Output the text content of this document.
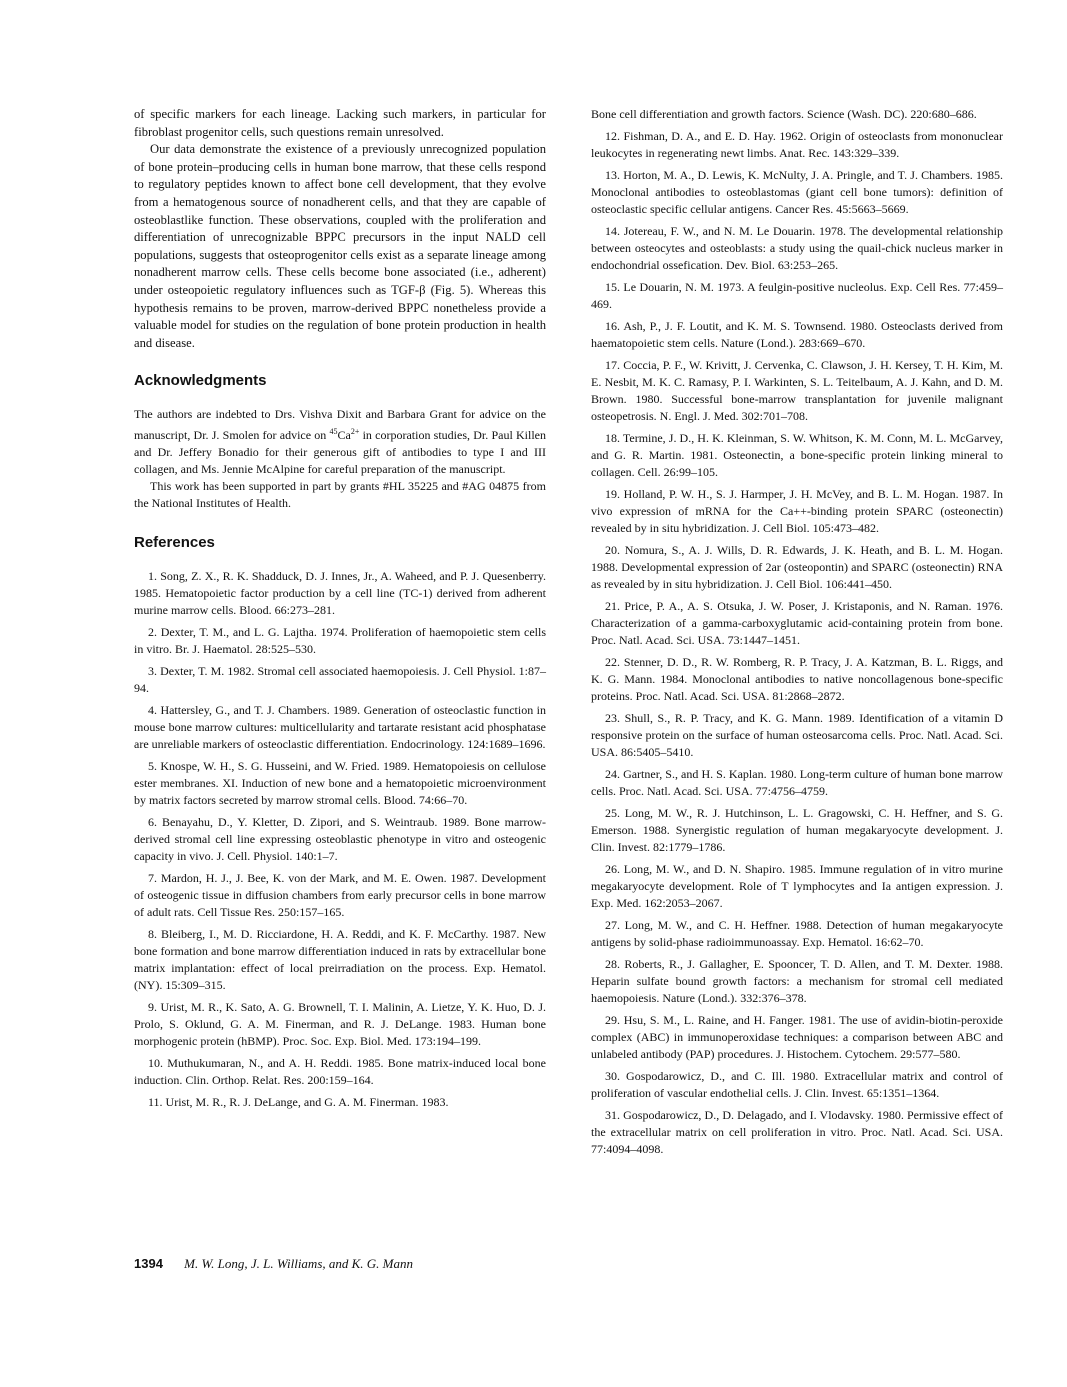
of specific markers for each lineage. Lacking such markers, in particular for fibroblast progenitor cells, such questions remain unresolved.

Our data demonstrate the existence of a previously unrecognized population of bone protein–producing cells in human bone marrow, that these cells respond to regulatory peptides known to affect bone cell development, that they evolve from a hematogenous source of nonadherent cells, and that they are capable of osteoblastlike function. These observations, coupled with the proliferation and differentiation of unrecognizable BPPC precursors in the input NALD cell populations, suggests that osteoprogenitor cells exist as a separate lineage among nonadherent marrow cells. These cells become bone associated (i.e., adherent) under osteopoietic regulatory influences such as TGF-β (Fig. 5). Whereas this hypothesis remains to be proven, marrow-derived BPPC nonetheless provide a valuable model for studies on the regulation of bone protein production in health and disease.

Acknowledgments

The authors are indebted to Drs. Vishva Dixit and Barbara Grant for advice on the manuscript, Dr. J. Smolen for advice on $^{45}Ca^{2+}$ in corporation studies, Dr. Paul Killen and Dr. Jeffery Bonadio for their generous gift of antibodies to type I and III collagen, and Ms. Jennie McAlpine for careful preparation of the manuscript.

This work has been supported in part by grants #HL 35225 and #AG 04875 from the National Institutes of Health.

References

1. Song, Z. X., R. K. Shadduck, D. J. Innes, Jr., A. Waheed, and P. J. Quesenberry. 1985. Hematopoietic factor production by a cell line (TC-1) derived from adherent murine marrow cells. Blood. 66:273–281.

2. Dexter, T. M., and L. G. Lajtha. 1974. Proliferation of haemopoietic stem cells in vitro. Br. J. Haematol. 28:525–530.

3. Dexter, T. M. 1982. Stromal cell associated haemopoiesis. J. Cell Physiol. 1:87–94.

4. Hattersley, G., and T. J. Chambers. 1989. Generation of osteoclastic function in mouse bone marrow cultures: multicellularity and tartarate resistant acid phosphatase are unreliable markers of osteoclastic differentiation. Endocrinology. 124:1689–1696.

5. Knospe, W. H., S. G. Husseini, and W. Fried. 1989. Hematopoiesis on cellulose ester membranes. XI. Induction of new bone and a hematopoietic microenvironment by matrix factors secreted by marrow stromal cells. Blood. 74:66–70.

6. Benayahu, D., Y. Kletter, D. Zipori, and S. Weintraub. 1989. Bone marrow-derived stromal cell line expressing osteoblastic phenotype in vitro and osteogenic capacity in vivo. J. Cell. Physiol. 140:1–7.

7. Mardon, H. J., J. Bee, K. von der Mark, and M. E. Owen. 1987. Development of osteogenic tissue in diffusion chambers from early precursor cells in bone marrow of adult rats. Cell Tissue Res. 250:157–165.

8. Bleiberg, I., M. D. Ricciardone, H. A. Reddi, and K. F. McCarthy. 1987. New bone formation and bone marrow differentiation induced in rats by extracellular bone matrix implantation: effect of local preirradiation on the process. Exp. Hematol. (NY). 15:309–315.

9. Urist, M. R., K. Sato, A. G. Brownell, T. I. Malinin, A. Lietze, Y. K. Huo, D. J. Prolo, S. Oklund, G. A. M. Finerman, and R. J. DeLange. 1983. Human bone morphogenic protein (hBMP). Proc. Soc. Exp. Biol. Med. 173:194–199.

10. Muthukumaran, N., and A. H. Reddi. 1985. Bone matrix-induced local bone induction. Clin. Orthop. Relat. Res. 200:159–164.

11. Urist, M. R., R. J. DeLange, and G. A. M. Finerman. 1983.

Bone cell differentiation and growth factors. Science (Wash. DC). 220:680–686.

12. Fishman, D. A., and E. D. Hay. 1962. Origin of osteoclasts from mononuclear leukocytes in regenerating newt limbs. Anat. Rec. 143:329–339.

13. Horton, M. A., D. Lewis, K. McNulty, J. A. Pringle, and T. J. Chambers. 1985. Monoclonal antibodies to osteoblastomas (giant cell bone tumors): definition of osteoclastic specific cellular antigens. Cancer Res. 45:5663–5669.

14. Jotereau, F. W., and N. M. Le Douarin. 1978. The developmental relationship between osteocytes and osteoblasts: a study using the quail-chick nucleus marker in endochondrial ossefication. Dev. Biol. 63:253–265.

15. Le Douarin, N. M. 1973. A feulgin-positive nucleolus. Exp. Cell Res. 77:459–469.

16. Ash, P., J. F. Loutit, and K. M. S. Townsend. 1980. Osteoclasts derived from haematopoietic stem cells. Nature (Lond.). 283:669–670.

17. Coccia, P. F., W. Krivitt, J. Cervenka, C. Clawson, J. H. Kersey, T. H. Kim, M. E. Nesbit, M. K. C. Ramasy, P. I. Warkinten, S. L. Teitelbaum, A. J. Kahn, and D. M. Brown. 1980. Successful bone-marrow transplantation for juvenile malignant osteopetrosis. N. Engl. J. Med. 302:701–708.

18. Termine, J. D., H. K. Kleinman, S. W. Whitson, K. M. Conn, M. L. McGarvey, and G. R. Martin. 1981. Osteonectin, a bone-specific protein linking mineral to collagen. Cell. 26:99–105.

19. Holland, P. W. H., S. J. Harmper, J. H. McVey, and B. L. M. Hogan. 1987. In vivo expression of mRNA for the Ca++-binding protein SPARC (osteonectin) revealed by in situ hybridization. J. Cell Biol. 105:473–482.

20. Nomura, S., A. J. Wills, D. R. Edwards, J. K. Heath, and B. L. M. Hogan. 1988. Developmental expression of 2ar (osteopontin) and SPARC (osteonectin) RNA as revealed by in situ hybridization. J. Cell Biol. 106:441–450.

21. Price, P. A., A. S. Otsuka, J. W. Poser, J. Kristaponis, and N. Raman. 1976. Characterization of a gamma-carboxyglutamic acid-containing protein from bone. Proc. Natl. Acad. Sci. USA. 73:1447–1451.

22. Stenner, D. D., R. W. Romberg, R. P. Tracy, J. A. Katzman, B. L. Riggs, and K. G. Mann. 1984. Monoclonal antibodies to native noncollagenous bone-specific proteins. Proc. Natl. Acad. Sci. USA. 81:2868–2872.

23. Shull, S., R. P. Tracy, and K. G. Mann. 1989. Identification of a vitamin D responsive protein on the surface of human osteosarcoma cells. Proc. Natl. Acad. Sci. USA. 86:5405–5410.

24. Gartner, S., and H. S. Kaplan. 1980. Long-term culture of human bone marrow cells. Proc. Natl. Acad. Sci. USA. 77:4756–4759.

25. Long, M. W., R. J. Hutchinson, L. L. Gragowski, C. H. Heffner, and S. G. Emerson. 1988. Synergistic regulation of human megakaryocyte development. J. Clin. Invest. 82:1779–1786.

26. Long, M. W., and D. N. Shapiro. 1985. Immune regulation of in vitro murine megakaryocyte development. Role of T lymphocytes and Ia antigen expression. J. Exp. Med. 162:2053–2067.

27. Long, M. W., and C. H. Heffner. 1988. Detection of human megakaryocyte antigens by solid-phase radioimmunoassay. Exp. Hematol. 16:62–70.

28. Roberts, R., J. Gallagher, E. Spooncer, T. D. Allen, and T. M. Dexter. 1988. Heparin sulfate bound growth factors: a mechanism for stromal cell mediated haemopoiesis. Nature (Lond.). 332:376–378.

29. Hsu, S. M., L. Raine, and H. Fanger. 1981. The use of avidin-biotin-peroxide complex (ABC) in immunoperoxidase techniques: a comparison between ABC and unlabeled antibody (PAP) procedures. J. Histochem. Cytochem. 29:577–580.

30. Gospodarowicz, D., and C. Ill. 1980. Extracellular matrix and control of proliferation of vascular endothelial cells. J. Clin. Invest. 65:1351–1364.

31. Gospodarowicz, D., D. Delagado, and I. Vlodavsky. 1980. Permissive effect of the extracellular matrix on cell proliferation in vitro. Proc. Natl. Acad. Sci. USA. 77:4094–4098.

1394 M. W. Long, J. L. Williams, and K. G. Mann
